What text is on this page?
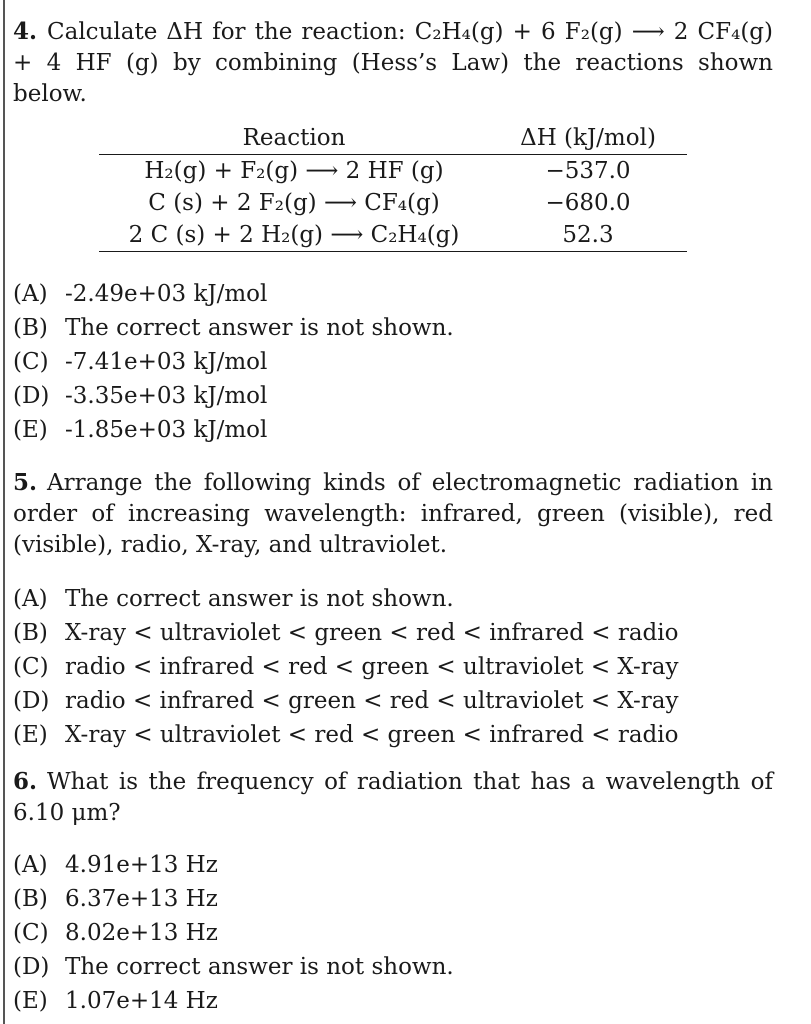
4. Calculate ΔH for the reaction: C₂H₄(g) + 6 F₂(g) ⟶ 2 CF₄(g) + 4 HF (g) by combining (Hess’s Law) the reactions shown below.
Reaction	ΔH (kJ/mol)
H₂(g) + F₂(g) ⟶ 2 HF (g)	−537.0
C (s) + 2 F₂(g) ⟶ CF₄(g)	−680.0
2 C (s) + 2 H₂(g) ⟶ C₂H₄(g)	52.3
(A) -2.49e+03 kJ/mol
(B) The correct answer is not shown.
(C) -7.41e+03 kJ/mol
(D) -3.35e+03 kJ/mol
(E) -1.85e+03 kJ/mol
5. Arrange the following kinds of electromagnetic radiation in order of increasing wavelength: infrared, green (visible), red (visible), radio, X-ray, and ultraviolet.
(A) The correct answer is not shown.
(B) X-ray < ultraviolet < green < red < infrared < radio
(C) radio < infrared < red < green < ultraviolet < X-ray
(D) radio < infrared < green < red < ultraviolet < X-ray
(E) X-ray < ultraviolet < red < green < infrared < radio
6. What is the frequency of radiation that has a wavelength of 6.10 μm?
(A) 4.91e+13 Hz
(B) 6.37e+13 Hz
(C) 8.02e+13 Hz
(D) The correct answer is not shown.
(E) 1.07e+14 Hz
